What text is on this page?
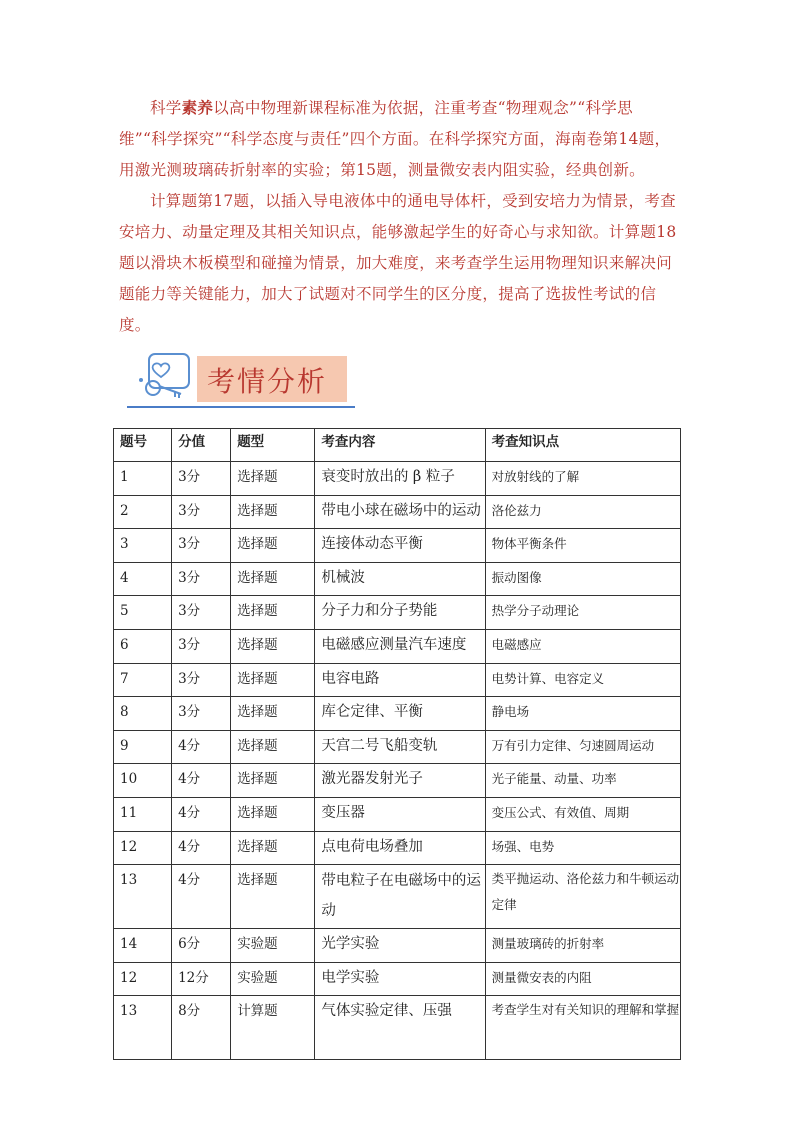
科学素养以高中物理新课程标准为依据，注重考查“物理观念”“科学思维”“科学探究”“科学态度与责任”四个方面。在科学探究方面，海南卷第14题，用激光测玻璃砖折射率的实验；第15题，测量微安表内阻实验，经典创新。
计算题第17题，以插入导电液体中的通电导体杆，受到安培力为情景，考查安培力、动量定理及其相关知识点，能够激起学生的好奇心与求知欲。计算题18题以滑块木板模型和碰撞为情景，加大难度，来考查学生运用物理知识来解决问题能力等关键能力，加大了试题对不同学生的区分度，提高了选拔性考试的信度。
考情分析
题号	分值	题型	考查内容	考查知识点
1	3分	选择题	衰变时放出的 β 粒子	对放射线的了解
2	3分	选择题	带电小球在磁场中的运动	洛伦兹力
3	3分	选择题	连接体动态平衡	物体平衡条件
4	3分	选择题	机械波	振动图像
5	3分	选择题	分子力和分子势能	热学分子动理论
6	3分	选择题	电磁感应测量汽车速度	电磁感应
7	3分	选择题	电容电路	电势计算、电容定义
8	3分	选择题	库仑定律、平衡	静电场
9	4分	选择题	天宫二号飞船变轨	万有引力定律、匀速圆周运动
10	4分	选择题	激光器发射光子	光子能量、动量、功率
11	4分	选择题	变压器	变压公式、有效值、周期
12	4分	选择题	点电荷电场叠加	场强、电势
13	4分	选择题	带电粒子在电磁场中的运动	类平抛运动、洛伦兹力和牛顿运动定律
14	6分	实验题	光学实验	测量玻璃砖的折射率
12	12分	实验题	电学实验	测量微安表的内阻
13	8分	计算题	气体实验定律、压强	考查学生对有关知识的理解和掌握
